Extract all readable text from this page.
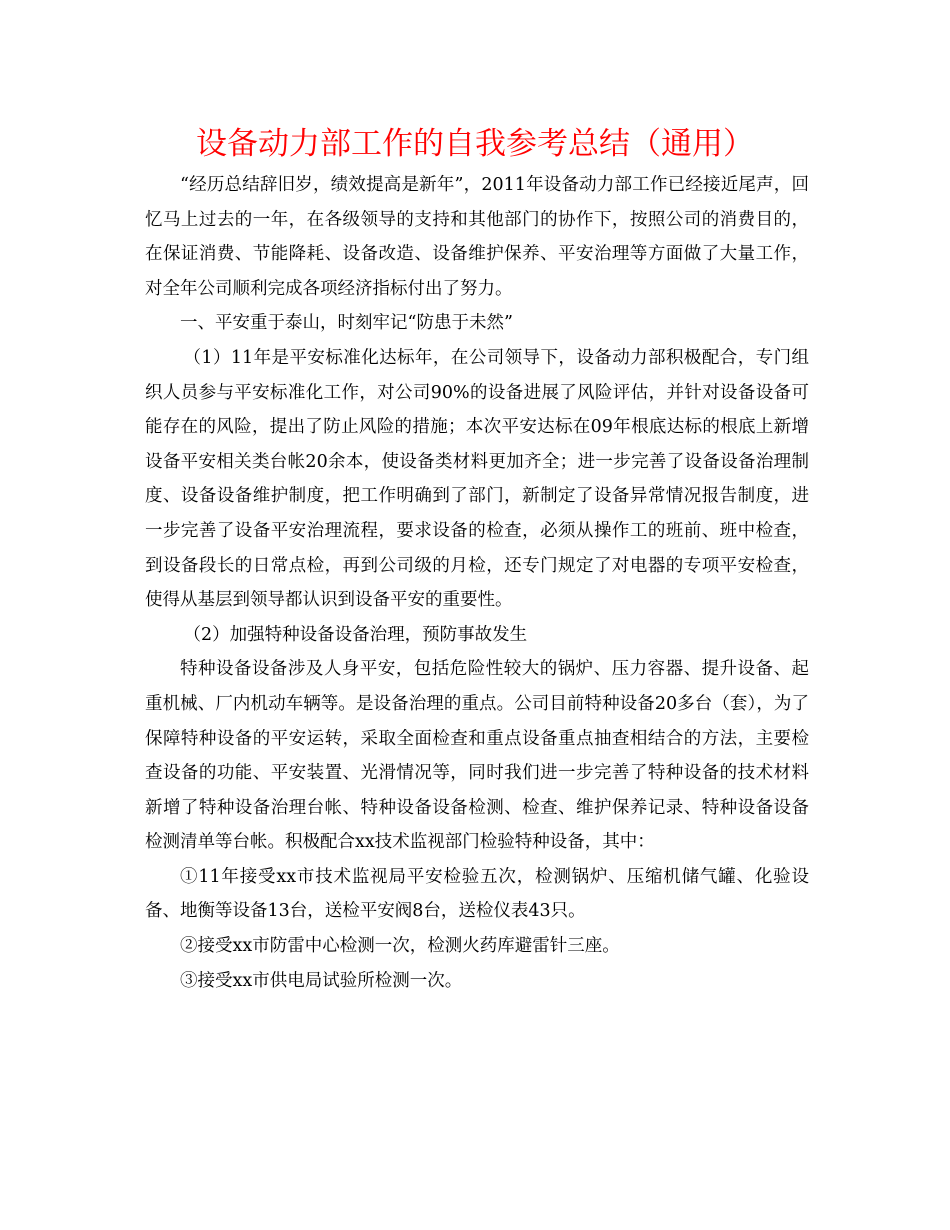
设备动力部工作的自我参考总结（通用）

“经历总结辞旧岁，绩效提高是新年”，2011年设备动力部工作已经接近尾声，回忆马上过去的一年，在各级领导的支持和其他部门的协作下，按照公司的消费目的，在保证消费、节能降耗、设备改造、设备维护保养、平安治理等方面做了大量工作，对全年公司顺利完成各项经济指标付出了努力。

一、平安重于泰山，时刻牢记“防患于未然”

（1）11年是平安标准化达标年，在公司领导下，设备动力部积极配合，专门组织人员参与平安标准化工作，对公司90%的设备进展了风险评估，并针对设备设备可能存在的风险，提出了防止风险的措施；本次平安达标在09年根底达标的根底上新增设备平安相关类台帐20余本，使设备类材料更加齐全；进一步完善了设备设备治理制度、设备设备维护制度，把工作明确到了部门，新制定了设备异常情况报告制度，进一步完善了设备平安治理流程，要求设备的检查，必须从操作工的班前、班中检查，到设备段长的日常点检，再到公司级的月检，还专门规定了对电器的专项平安检查，使得从基层到领导都认识到设备平安的重要性。

（2）加强特种设备设备治理，预防事故发生

特种设备设备涉及人身平安，包括危险性较大的锅炉、压力容器、提升设备、起重机械、厂内机动车辆等。是设备治理的重点。公司目前特种设备20多台（套），为了保障特种设备的平安运转，采取全面检查和重点设备重点抽查相结合的方法，主要检查设备的功能、平安装置、光滑情况等，同时我们进一步完善了特种设备的技术材料新增了特种设备治理台帐、特种设备设备检测、检查、维护保养记录、特种设备设备检测清单等台帐。积极配合xx技术监视部门检验特种设备，其中：

①11年接受xx市技术监视局平安检验五次，检测锅炉、压缩机储气罐、化验设备、地衡等设备13台，送检平安阀8台，送检仪表43只。

②接受xx市防雷中心检测一次，检测火药库避雷针三座。

③接受xx市供电局试验所检测一次。
